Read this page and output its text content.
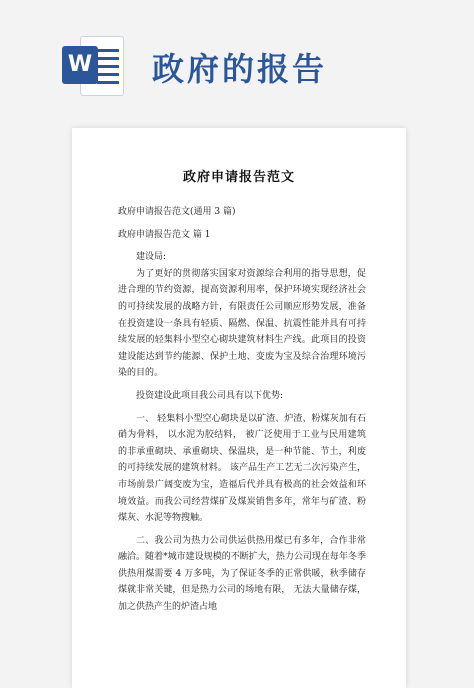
W 政府的报告
政府申请报告范文

政府申请报告范文(通用 3 篇)

政府申请报告范文 篇 1

建设局:

为了更好的贯彻落实国家对资源综合利用的指导思想，促进合理的节约资源，提高资源利用率，保护环境实现经济社会的可持续发展的战略方针，有限责任公司顺应形势发展，准备在投资建设一条具有轻质、隔燃、保温、抗震性能并具有可持续发展的轻集料小型空心砌块建筑材料生产线。此项目的投资建设能达到节约能源、保护土地、变废为宝及综合治理环境污染的目的。

投资建设此项目我公司具有以下优势:

一、 轻集料小型空心砌块是以矿渣、炉渣、粉煤灰加有石硝为骨料， 以水泥为胶结料， 被广泛使用于工业与民用建筑的非承重砌块、承重砌块、保温块，是一种节能、节土，利废的可持续发展的建筑材料。 该产品生产工艺无二次污染产生， 市场前景广阔变废为宝，造福后代并具有极高的社会效益和环境效益。而我公司经营煤矿及煤炭销售多年，常年与矿渣、粉煤灰、水泥等物搜触。

二、我公司为热力公司供运供热用煤已有多年，合作非常融洽。随着*城市建设规模的不断扩大，热力公司现在每年冬季供热用煤需要 4 万多吨，为了保证冬季的正常供暖，秋季储存煤就非常关键，但是热力公司的场地有限， 无法大量储存煤，加之供热产生的炉渣占地
